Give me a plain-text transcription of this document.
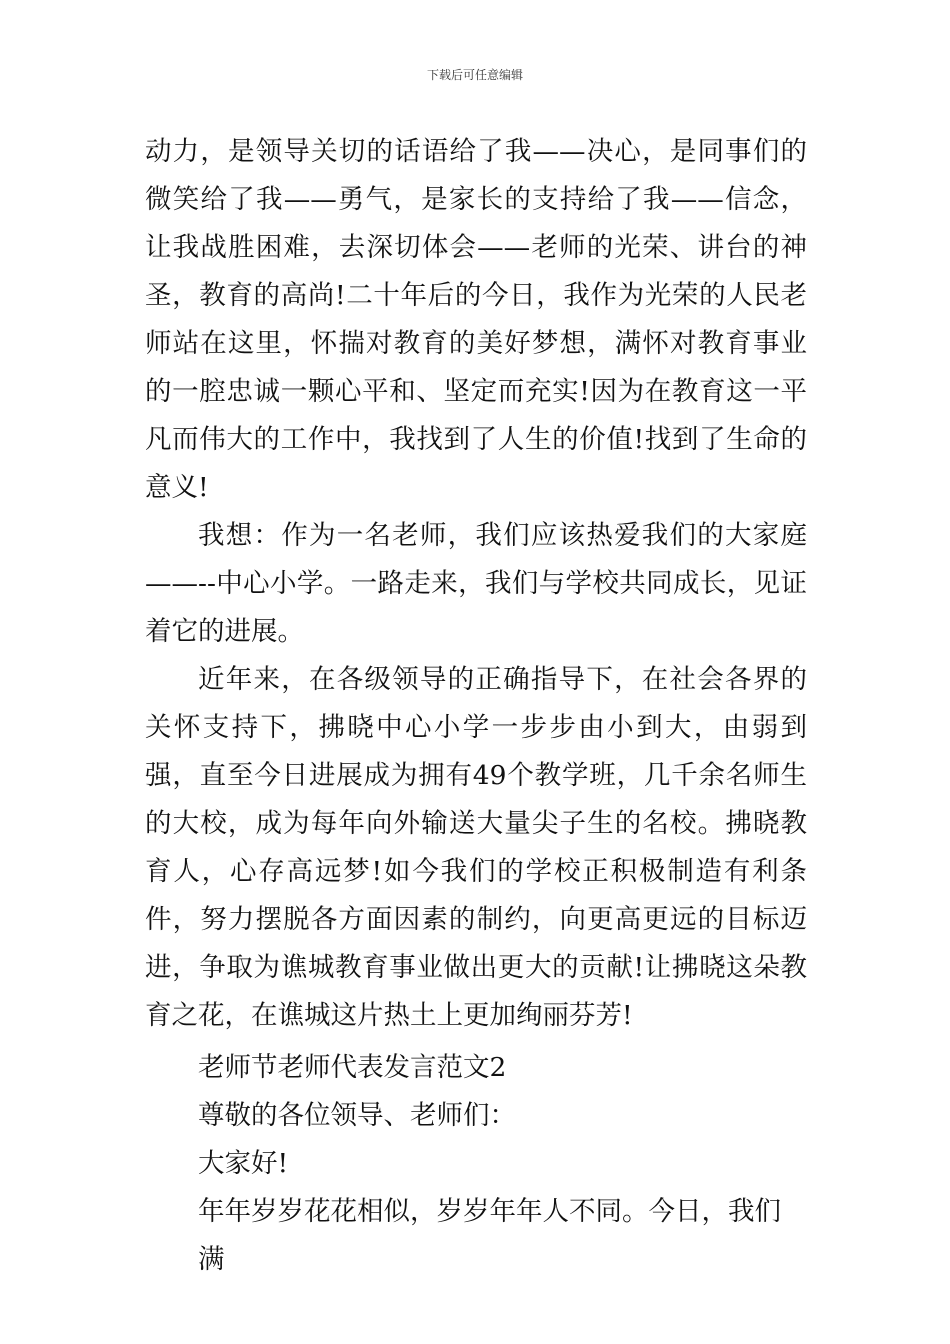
下载后可任意编辑

动力，是领导关切的话语给了我——决心，是同事们的微笑给了我——勇气，是家长的支持给了我——信念，让我战胜困难，去深切体会——老师的光荣、讲台的神圣，教育的高尚!二十年后的今日，我作为光荣的人民老师站在这里，怀揣对教育的美好梦想，满怀对教育事业的一腔忠诚一颗心平和、坚定而充实!因为在教育这一平凡而伟大的工作中，我找到了人生的价值!找到了生命的意义!

我想：作为一名老师，我们应该热爱我们的大家庭——--中心小学。一路走来，我们与学校共同成长，见证着它的进展。

近年来，在各级领导的正确指导下，在社会各界的关怀支持下，拂晓中心小学一步步由小到大，由弱到强，直至今日进展成为拥有49个教学班，几千余名师生的大校，成为每年向外输送大量尖子生的名校。拂晓教育人，心存高远梦!如今我们的学校正积极制造有利条件，努力摆脱各方面因素的制约，向更高更远的目标迈进，争取为谯城教育事业做出更大的贡献!让拂晓这朵教育之花，在谯城这片热土上更加绚丽芬芳!

老师节老师代表发言范文2
尊敬的各位领导、老师们：
大家好!
年年岁岁花花相似，岁岁年年人不同。今日，我们满
